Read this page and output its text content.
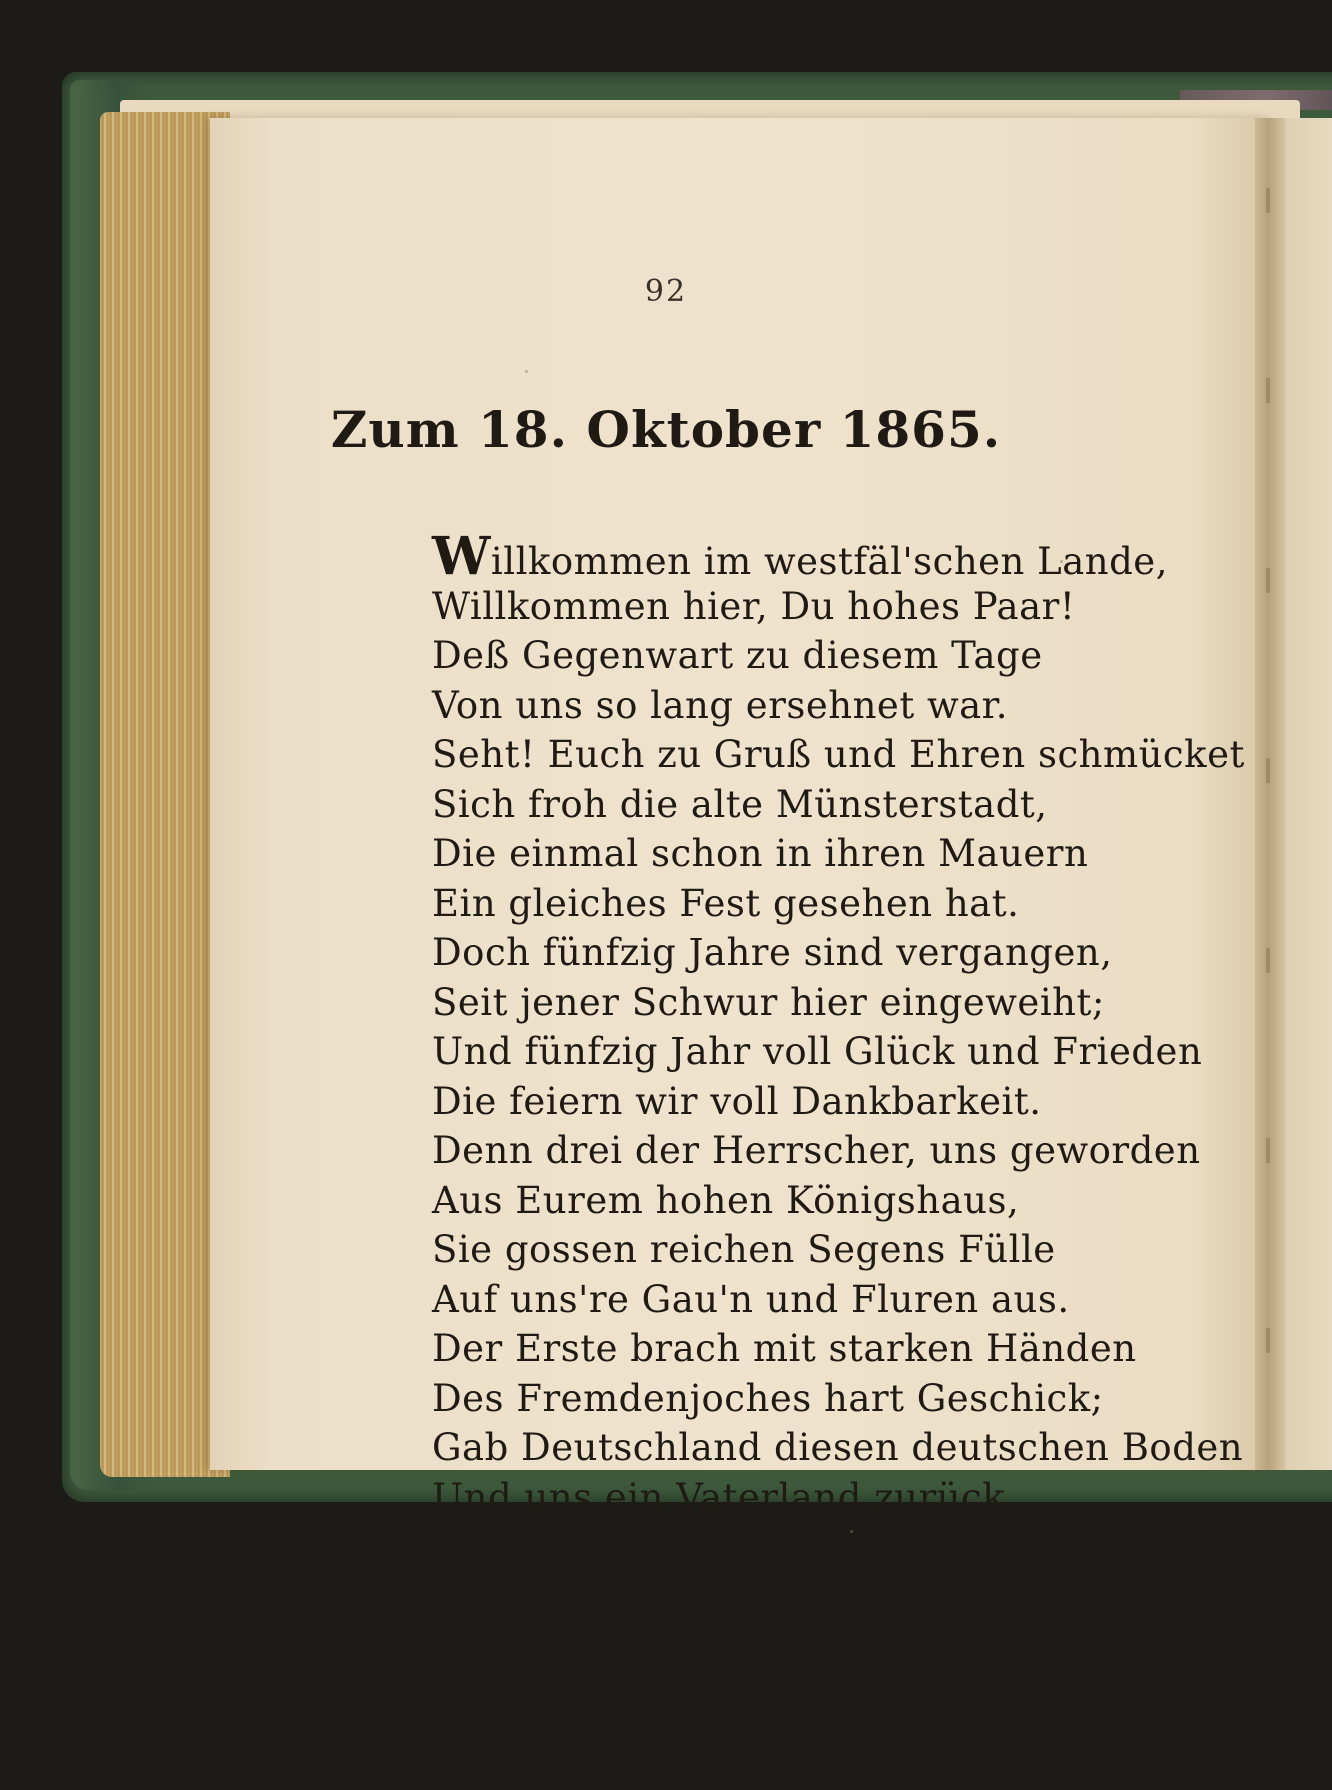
92
Zum 18. Oktober 1865.
Willkommen im westfäl'schen Lande,
Willkommen hier, Du hohes Paar!
Deß Gegenwart zu diesem Tage
Von uns so lang ersehnet war.
Seht! Euch zu Gruß und Ehren schmücket
Sich froh die alte Münsterstadt,
Die einmal schon in ihren Mauern
Ein gleiches Fest gesehen hat.
Doch fünfzig Jahre sind vergangen,
Seit jener Schwur hier eingeweiht;
Und fünfzig Jahr voll Glück und Frieden
Die feiern wir voll Dankbarkeit.
Denn drei der Herrscher, uns geworden
Aus Eurem hohen Königshaus,
Sie gossen reichen Segens Fülle
Auf uns're Gau'n und Fluren aus.
Der Erste brach mit starken Händen
Des Fremdenjoches hart Geschick;
Gab Deutschland diesen deutschen Boden
Und uns ein Vaterland zurück.
